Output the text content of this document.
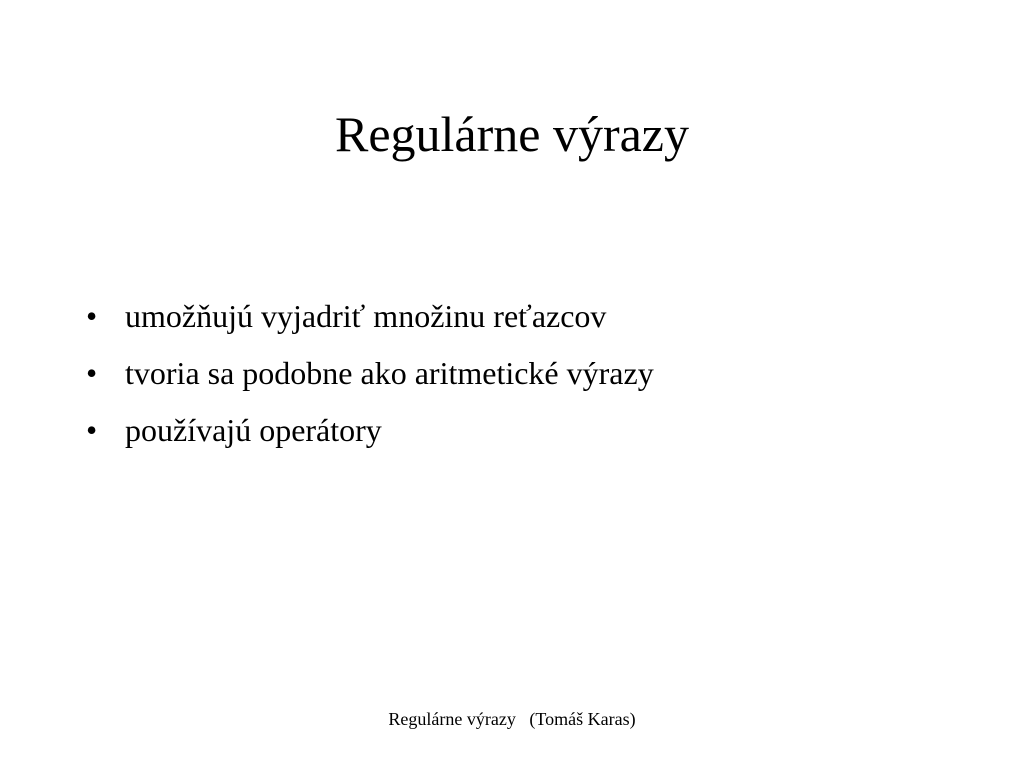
Regulárne výrazy
• umožňujú vyjadriť množinu reťazcov
• tvoria sa podobne ako aritmetické výrazy
• používajú operátory
Regulárne výrazy   (Tomáš Karas)
